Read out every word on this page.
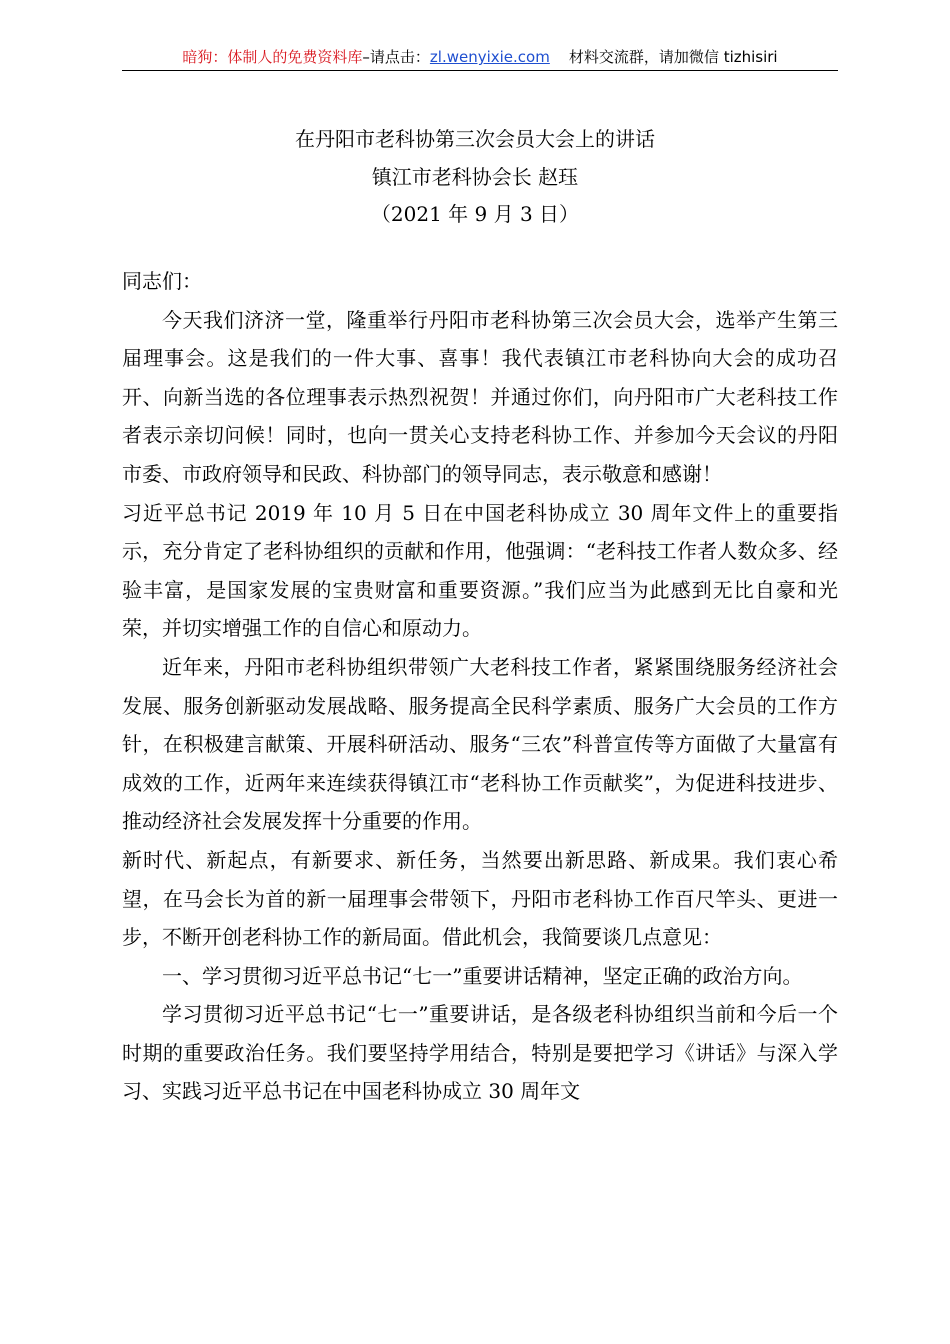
暗狗：体制人的免费资料库–请点击：zl.wenyixie.com 材料交流群，请加微信 tizhisiri
在丹阳市老科协第三次会员大会上的讲话
镇江市老科协会长 赵珏
（2021 年 9 月 3 日）

同志们：

今天我们济济一堂，隆重举行丹阳市老科协第三次会员大会，选举产生第三届理事会。这是我们的一件大事、喜事！我代表镇江市老科协向大会的成功召开、向新当选的各位理事表示热烈祝贺！并通过你们，向丹阳市广大老科技工作者表示亲切问候！同时，也向一贯关心支持老科协工作、并参加今天会议的丹阳市委、市政府领导和民政、科协部门的领导同志，表示敬意和感谢！

习近平总书记 2019 年 10 月 5 日在中国老科协成立 30 周年文件上的重要指示，充分肯定了老科协组织的贡献和作用，他强调：“老科技工作者人数众多、经验丰富，是国家发展的宝贵财富和重要资源。”我们应当为此感到无比自豪和光荣，并切实增强工作的自信心和原动力。

近年来，丹阳市老科协组织带领广大老科技工作者，紧紧围绕服务经济社会发展、服务创新驱动发展战略、服务提高全民科学素质、服务广大会员的工作方针，在积极建言献策、开展科研活动、服务“三农”科普宣传等方面做了大量富有成效的工作，近两年来连续获得镇江市“老科协工作贡献奖”，为促进科技进步、推动经济社会发展发挥十分重要的作用。

新时代、新起点，有新要求、新任务，当然要出新思路、新成果。我们衷心希望，在马会长为首的新一届理事会带领下，丹阳市老科协工作百尺竿头、更进一步，不断开创老科协工作的新局面。借此机会，我简要谈几点意见：

一、学习贯彻习近平总书记“七一”重要讲话精神，坚定正确的政治方向。

学习贯彻习近平总书记“七一”重要讲话，是各级老科协组织当前和今后一个时期的重要政治任务。我们要坚持学用结合，特别是要把学习《讲话》与深入学习、实践习近平总书记在中国老科协成立 30 周年文
